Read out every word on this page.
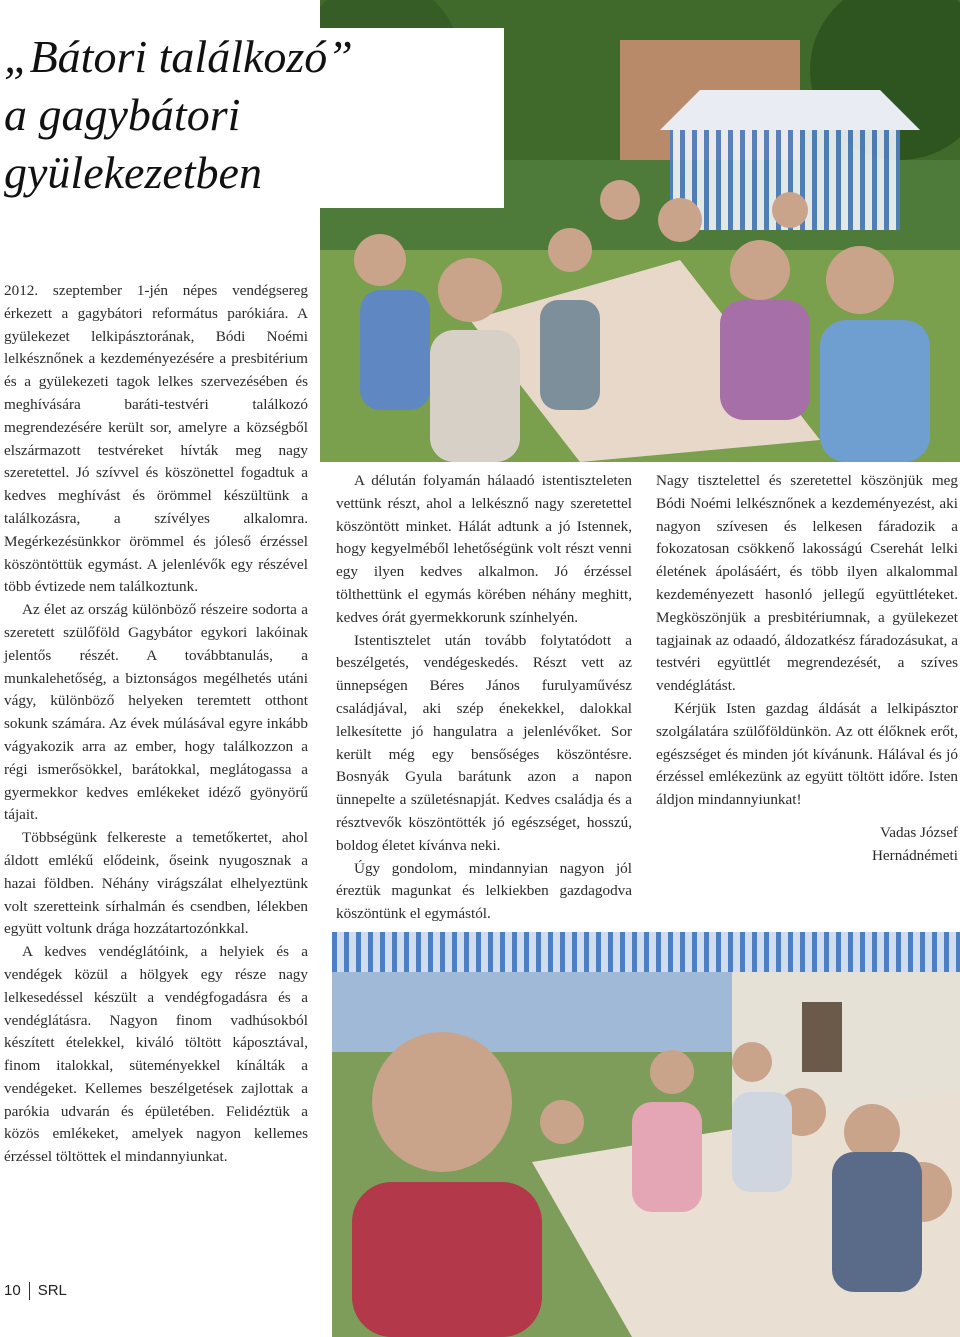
„Bátori találkozó”
a gagybátori
gyülekezetben

2012. szeptember 1-jén népes vendégsereg érkezett a gagybátori református parókiára. A gyülekezet lelkipásztorának, Bódi Noémi lelkésznőnek a kezdeményezésére a presbitérium és a gyülekezeti tagok lelkes szervezésében és meghívására baráti-testvéri találkozó megrendezésére került sor, amelyre a községből elszármazott testvéreket hívták meg nagy szeretettel. Jó szívvel és köszönettel fogadtuk a kedves meghívást és örömmel készültünk a találkozásra, a szívélyes alkalomra. Megérkezésünkkor örömmel és jóleső érzéssel köszöntöttük egymást. A jelenlévők egy részével több évtizede nem találkoztunk.

Az élet az ország különböző részeire sodorta a szeretett szülőföld Gagybátor egykori lakóinak jelentős részét. A továbbtanulás, a munkalehetőség, a biztonságos megélhetés utáni vágy, különböző helyeken teremtett otthont sokunk számára. Az évek múlásával egyre inkább vágyakozik arra az ember, hogy találkozzon a régi ismerősökkel, barátokkal, meglátogassa a gyermekkor kedves emlékeket idéző gyönyörű tájait.

Többségünk felkereste a temetőkertet, ahol áldott emlékű elődeink, őseink nyugosznak a hazai földben. Néhány virágszálat elhelyeztünk volt szeretteink sírhalmán és csendben, lélekben együtt voltunk drága hozzátartozónkkal.

A kedves vendéglátóink, a helyiek és a vendégek közül a hölgyek egy része nagy lelkesedéssel készült a vendégfogadásra és a vendéglátásra. Nagyon finom vadhúsokból készített ételekkel, kiváló töltött káposztával, finom italokkal, süteményekkel kínálták a vendégeket. Kellemes beszélgetések zajlottak a parókia udvarán és épületében. Felidéztük a közös emlékeket, amelyek nagyon kellemes érzéssel töltöttek el mindannyiunkat.

A délután folyamán hálaadó istentiszteleten vettünk részt, ahol a lelkésznő nagy szeretettel köszöntött minket. Hálát adtunk a jó Istennek, hogy kegyelméből lehetőségünk volt részt venni egy ilyen kedves alkalmon. Jó érzéssel tölthettünk el egymás körében néhány meghitt, kedves órát gyermekkorunk színhelyén.

Istentisztelet után tovább folytatódott a beszélgetés, vendégeskedés. Részt vett az ünnepségen Béres János furulyaművész családjával, aki szép énekekkel, dalokkal lelkesítette jó hangulatra a jelenlévőket. Sor került még egy bensőséges köszöntésre. Bosnyák Gyula barátunk azon a napon ünnepelte a születésnapját. Kedves családja és a résztvevők köszöntötték jó egészséget, hosszú, boldog életet kívánva neki.

Úgy gondolom, mindannyian nagyon jól éreztük magunkat és lelkiekben gazdagodva köszöntünk el egymástól.

Nagy tisztelettel és szeretettel köszönjük meg Bódi Noémi lelkésznőnek a kezdeményezést, aki nagyon szívesen és lelkesen fáradozik a fokozatosan csökkenő lakosságú Cserehát lelki életének ápolásáért, és több ilyen alkalommal kezdeményezett hasonló jellegű együttléteket. Megköszönjük a presbitériumnak, a gyülekezet tagjainak az odaadó, áldozatkész fáradozásukat, a testvéri együttlét megrendezését, a szíves vendéglátást.

Kérjük Isten gazdag áldását a lelkipásztor szolgálatára szülőföldünkön. Az ott élőknek erőt, egészséget és minden jót kívánunk. Hálával és jó érzéssel emlékezünk az együtt töltött időre. Isten áldjon mindannyiunkat!

Vadas József

Hernádnémeti

10 SRL
